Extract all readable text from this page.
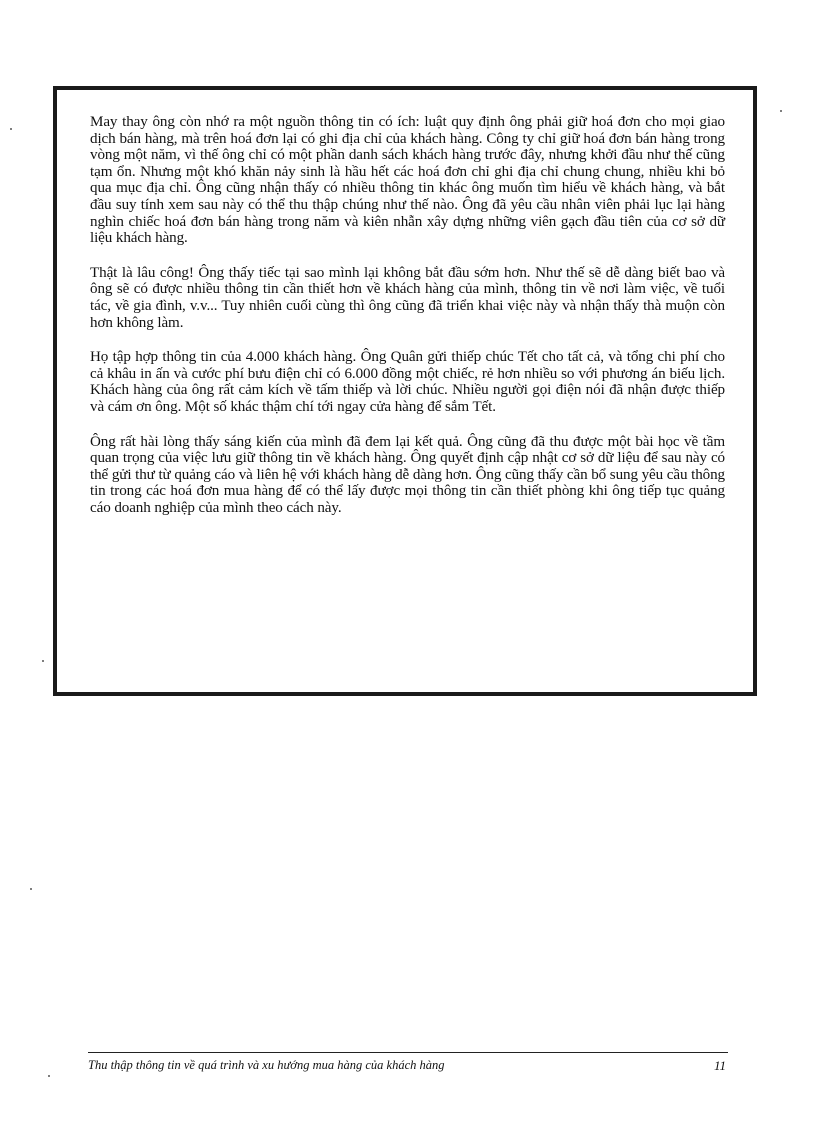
May thay ông còn nhớ ra một nguồn thông tin có ích: luật quy định ông phải giữ hoá đơn cho mọi giao dịch bán hàng, mà trên hoá đơn lại có ghi địa chỉ của khách hàng. Công ty chỉ giữ hoá đơn bán hàng trong vòng một năm, vì thế ông chỉ có một phần danh sách khách hàng trước đây, nhưng khởi đầu như thế cũng tạm ổn. Nhưng một khó khăn nảy sinh là hầu hết các hoá đơn chỉ ghi địa chỉ chung chung, nhiều khi bỏ qua mục địa chỉ. Ông cũng nhận thấy có nhiều thông tin khác ông muốn tìm hiểu về khách hàng, và bắt đầu suy tính xem sau này có thể thu thập chúng như thế nào. Ông đã yêu cầu nhân viên phải lục lại hàng nghìn chiếc hoá đơn bán hàng trong năm và kiên nhẫn xây dựng những viên gạch đầu tiên của cơ sở dữ liệu khách hàng.

Thật là lâu công! Ông thấy tiếc tại sao mình lại không bắt đầu sớm hơn. Như thế sẽ dễ dàng biết bao và ông sẽ có được nhiều thông tin cần thiết hơn về khách hàng của mình, thông tin về nơi làm việc, về tuổi tác, về gia đình, v.v... Tuy nhiên cuối cùng thì ông cũng đã triển khai việc này và nhận thấy thà muộn còn hơn không làm.

Họ tập hợp thông tin của 4.000 khách hàng. Ông Quân gửi thiếp chúc Tết cho tất cả, và tổng chi phí cho cả khâu in ấn và cước phí bưu điện chỉ có 6.000 đồng một chiếc, rẻ hơn nhiều so với phương án biếu lịch. Khách hàng của ông rất cảm kích về tấm thiếp và lời chúc. Nhiều người gọi điện nói đã nhận được thiếp và cám ơn ông. Một số khác thậm chí tới ngay cửa hàng để sắm Tết.

Ông rất hài lòng thấy sáng kiến của mình đã đem lại kết quả. Ông cũng đã thu được một bài học về tầm quan trọng của việc lưu giữ thông tin về khách hàng. Ông quyết định cập nhật cơ sở dữ liệu để sau này có thể gửi thư từ quảng cáo và liên hệ với khách hàng dễ dàng hơn. Ông cũng thấy cần bổ sung yêu cầu thông tin trong các hoá đơn mua hàng để có thể lấy được mọi thông tin cần thiết phòng khi ông tiếp tục quảng cáo doanh nghiệp của mình theo cách này.

Thu thập thông tin về quá trình và xu hướng mua hàng của khách hàng	11
